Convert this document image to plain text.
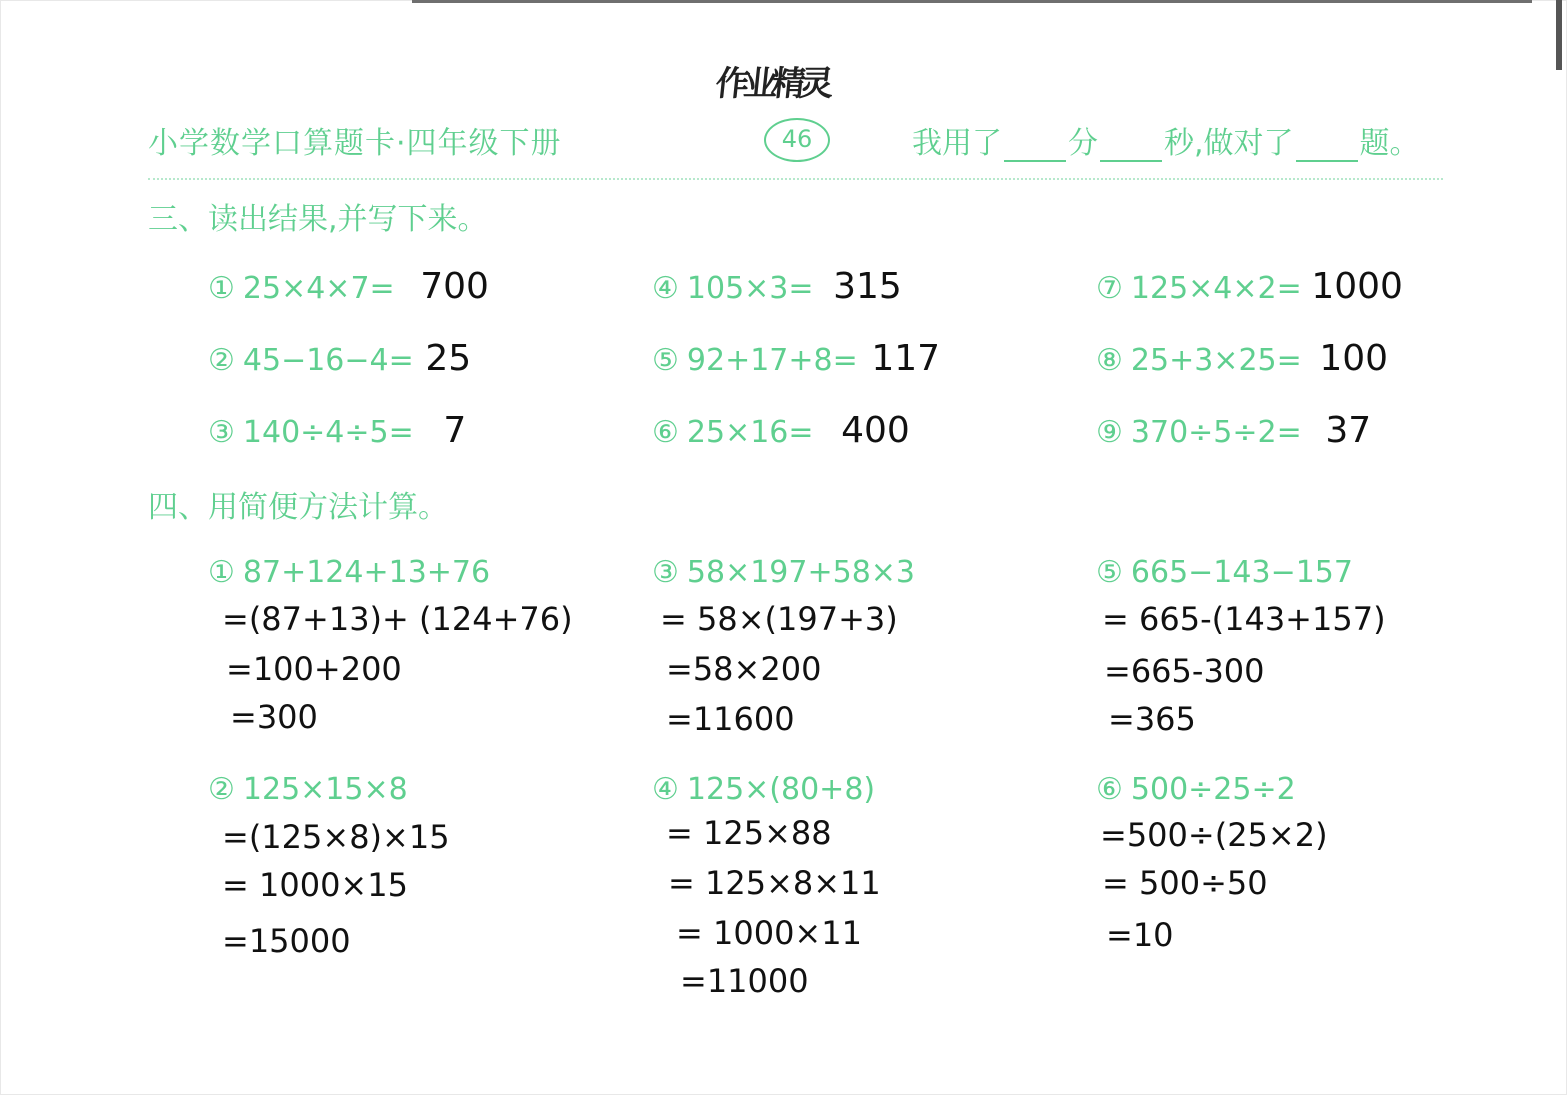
作业精灵
小学数学口算题卡·四年级下册	46	我用了 分 秒,做对了 题。
三、读出结果,并写下来。
① 25×4×7= 700	④ 105×3= 315	⑦ 125×4×2= 1000
② 45−16−4= 25	⑤ 92+17+8= 117	⑧ 25+3×25= 100
③ 140÷4÷5= 7	⑥ 25×16= 400	⑨ 370÷5÷2= 37
四、用简便方法计算。
① 87+124+13+76
=(87+13)+ (124+76)
=100+200
=300
③ 58×197+58×3
= 58×(197+3)
=58×200
=11600
⑤ 665−143−157
= 665-(143+157)
=665-300
=365
② 125×15×8
=(125×8)×15
= 1000×15
=15000
④ 125×(80+8)
= 125×88
= 125×8×11
= 1000×11
=11000
⑥ 500÷25÷2
=500÷(25×2)
= 500÷50
=10
